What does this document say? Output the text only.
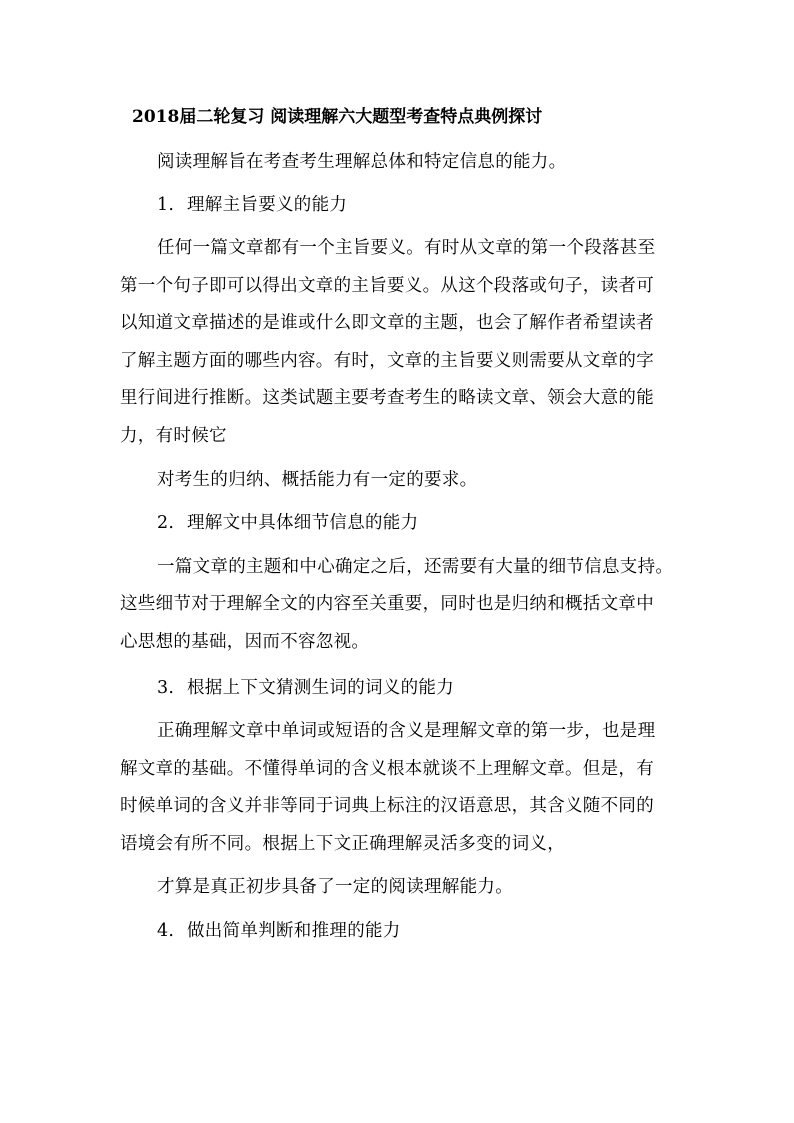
2018届二轮复习 阅读理解六大题型考查特点典例探讨
阅读理解旨在考查考生理解总体和特定信息的能力。
1. 理解主旨要义的能力
任何一篇文章都有一个主旨要义。有时从文章的第一个段落甚至
第一个句子即可以得出文章的主旨要义。从这个段落或句子，读者可
以知道文章描述的是谁或什么即文章的主题，也会了解作者希望读者
了解主题方面的哪些内容。有时，文章的主旨要义则需要从文章的字
里行间进行推断。这类试题主要考查考生的略读文章、领会大意的能
力，有时候它
对考生的归纳、概括能力有一定的要求。
2. 理解文中具体细节信息的能力
一篇文章的主题和中心确定之后，还需要有大量的细节信息支持。
这些细节对于理解全文的内容至关重要，同时也是归纳和概括文章中
心思想的基础，因而不容忽视。
3. 根据上下文猜测生词的词义的能力
正确理解文章中单词或短语的含义是理解文章的第一步，也是理
解文章的基础。不懂得单词的含义根本就谈不上理解文章。但是，有
时候单词的含义并非等同于词典上标注的汉语意思，其含义随不同的
语境会有所不同。根据上下文正确理解灵活多变的词义，
才算是真正初步具备了一定的阅读理解能力。
4. 做出简单判断和推理的能力
